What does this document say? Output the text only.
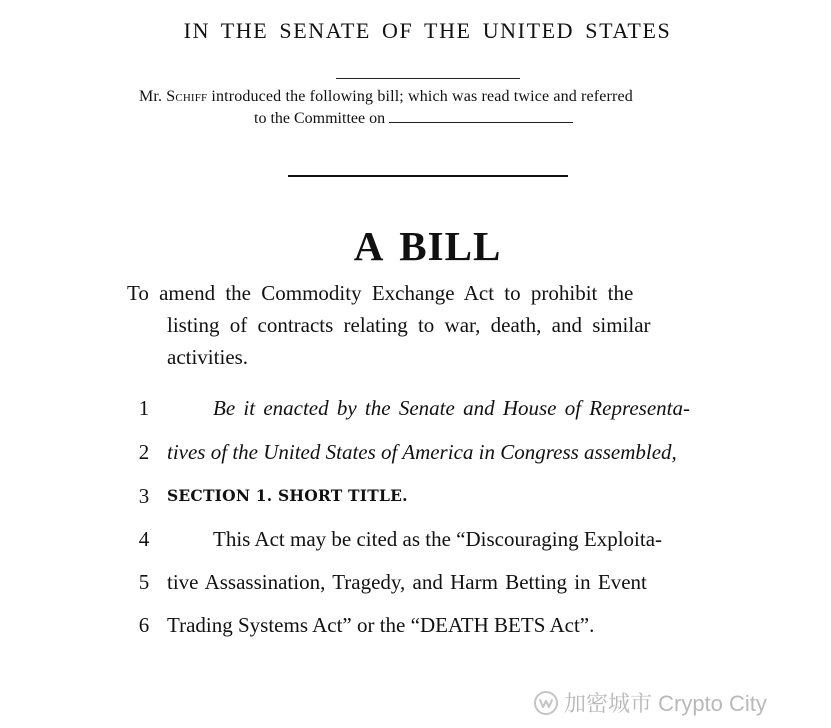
IN THE SENATE OF THE UNITED STATES
Mr. Schiff introduced the following bill; which was read twice and referred
to the Committee on
A BILL
To amend the Commodity Exchange Act to prohibit the
listing of contracts relating to war, death, and similar
activities.
1
2
3
4
5
6
Be it enacted by the Senate and House of Representa-
tives of the United States of America in Congress assembled,
SECTION 1. SHORT TITLE.
This Act may be cited as the “Discouraging Exploita-
tive Assassination, Tragedy, and Harm Betting in Event
Trading Systems Act” or the “DEATH BETS Act”.
加密城市 Crypto City
